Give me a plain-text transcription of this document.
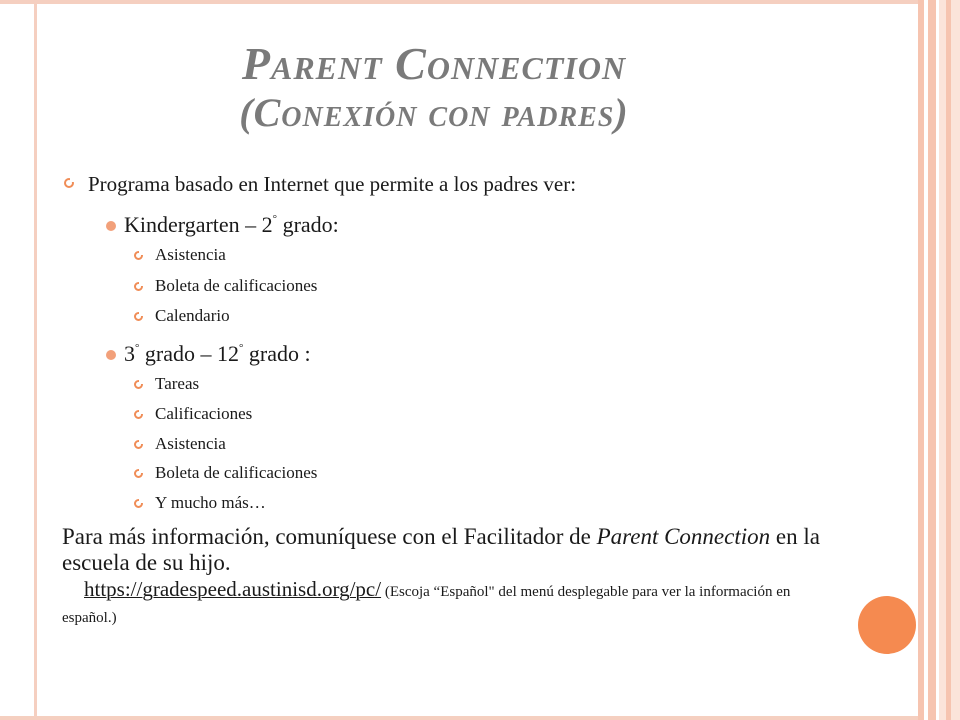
Parent Connection
(Conexión con padres)
Programa basado en Internet que permite a los padres ver:
Kindergarten – 2° grado:
Asistencia
Boleta de calificaciones
Calendario
3° grado – 12° grado :
Tareas
Calificaciones
Asistencia
Boleta de calificaciones
Y mucho más…
Para más información, comuníquese con el Facilitador de Parent Connection en la escuela de su hijo.
https://gradespeed.austinisd.org/pc/ (Escoja “Español" del menú desplegable para ver la información en español.)
